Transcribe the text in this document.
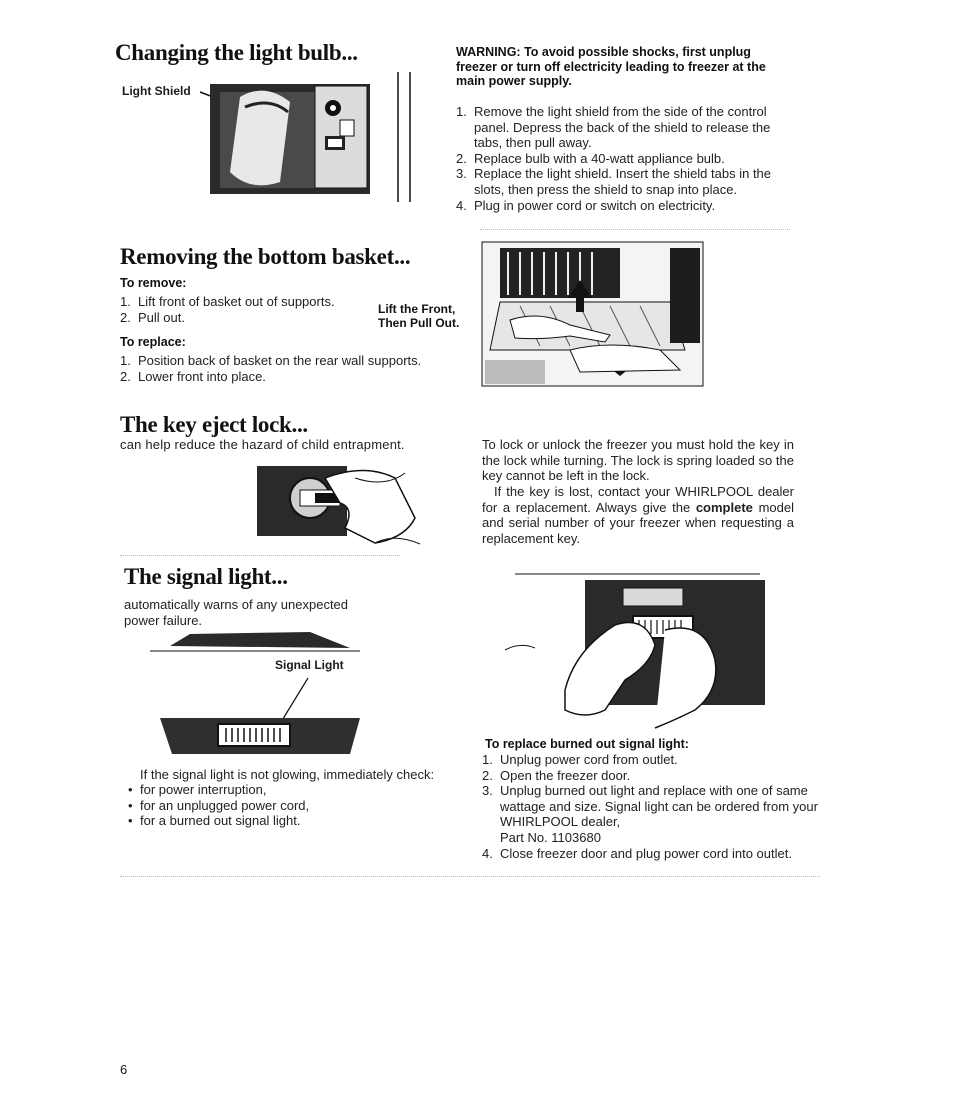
Changing the light bulb...
Light Shield
WARNING: To avoid possible shocks, first unplug freezer or turn off electricity leading to freezer at the main power supply.
1. Remove the light shield from the side of the control panel. Depress the back of the shield to release the tabs, then pull away.
2. Replace bulb with a 40-watt appliance bulb.
3. Replace the light shield. Insert the shield tabs in the slots, then press the shield to snap into place.
4. Plug in power cord or switch on electricity.
Removing the bottom basket...
To remove:
1. Lift front of basket out of supports.
2. Pull out.
Lift the Front,
Then Pull Out.
To replace:
1. Position back of basket on the rear wall supports.
2. Lower front into place.
The key eject lock...
can help reduce the hazard of child entrapment.	To lock or unlock the freezer you must hold the key in the lock while turning. The lock is spring loaded so the key cannot be left in the lock.
If the key is lost, contact your WHIRLPOOL dealer for a replacement. Always give the complete model and serial number of your freezer when requesting a replacement key.
The signal light...
automatically warns of any unexpected power failure.
Signal Light
If the signal light is not glowing, immediately check:
• for power interruption,
• for an unplugged power cord,
• for a burned out signal light.
To replace burned out signal light:
1. Unplug power cord from outlet.
2. Open the freezer door.
3. Unplug burned out light and replace with one of same wattage and size. Signal light can be ordered from your WHIRLPOOL dealer,
Part No. 1103680
4. Close freezer door and plug power cord into outlet.
6
